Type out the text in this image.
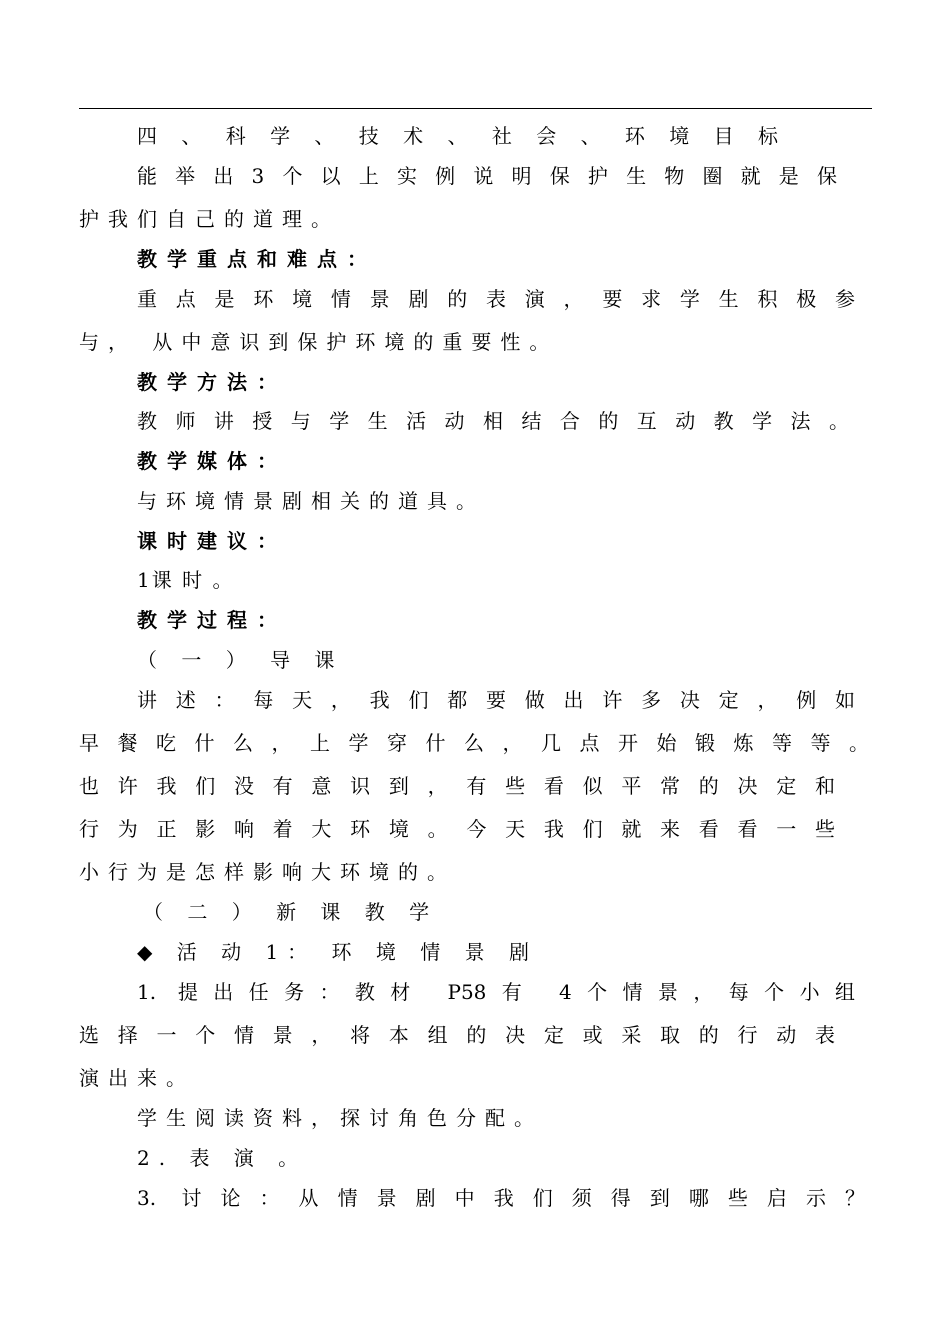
四 、 科 学 、 技 术 、 社 会 、 环 境 目 标
能举出3个以上实例说明保护生物圈就是保
护我们自己的道理。
教学重点和难点：
重点是环境情景剧的表演，要求学生积极参
与， 从中意识到保护环境的重要性。
教学方法：
教师讲授与学生活动相结合的互动教学法。
教学媒体：
与环境情景剧相关的道具。
课时建议：
1课 时 。
教学过程：
（ 一 ） 导 课
讲述：每天，我们都要做出许多决定，例如
早餐吃什么，上学穿什么，几点开始锻炼等等。
也许我们没有意识到，有些看似平常的决定和
行为正影响着大环境。今天我们就来看看一些
小行为是怎样影响大环境的。
（ 二 ） 新 课 教 学
◆ 活 动 1： 环 境 情 景 剧
1. 提出任务：教材 P58有 4个情景，每个小组
选择一个情景，将本组的决定或采取的行动表
演出来。
学生阅读资料，探讨角色分配。
2. 表 演 。
3. 讨论：从情景剧中我们须得到哪些启示？
